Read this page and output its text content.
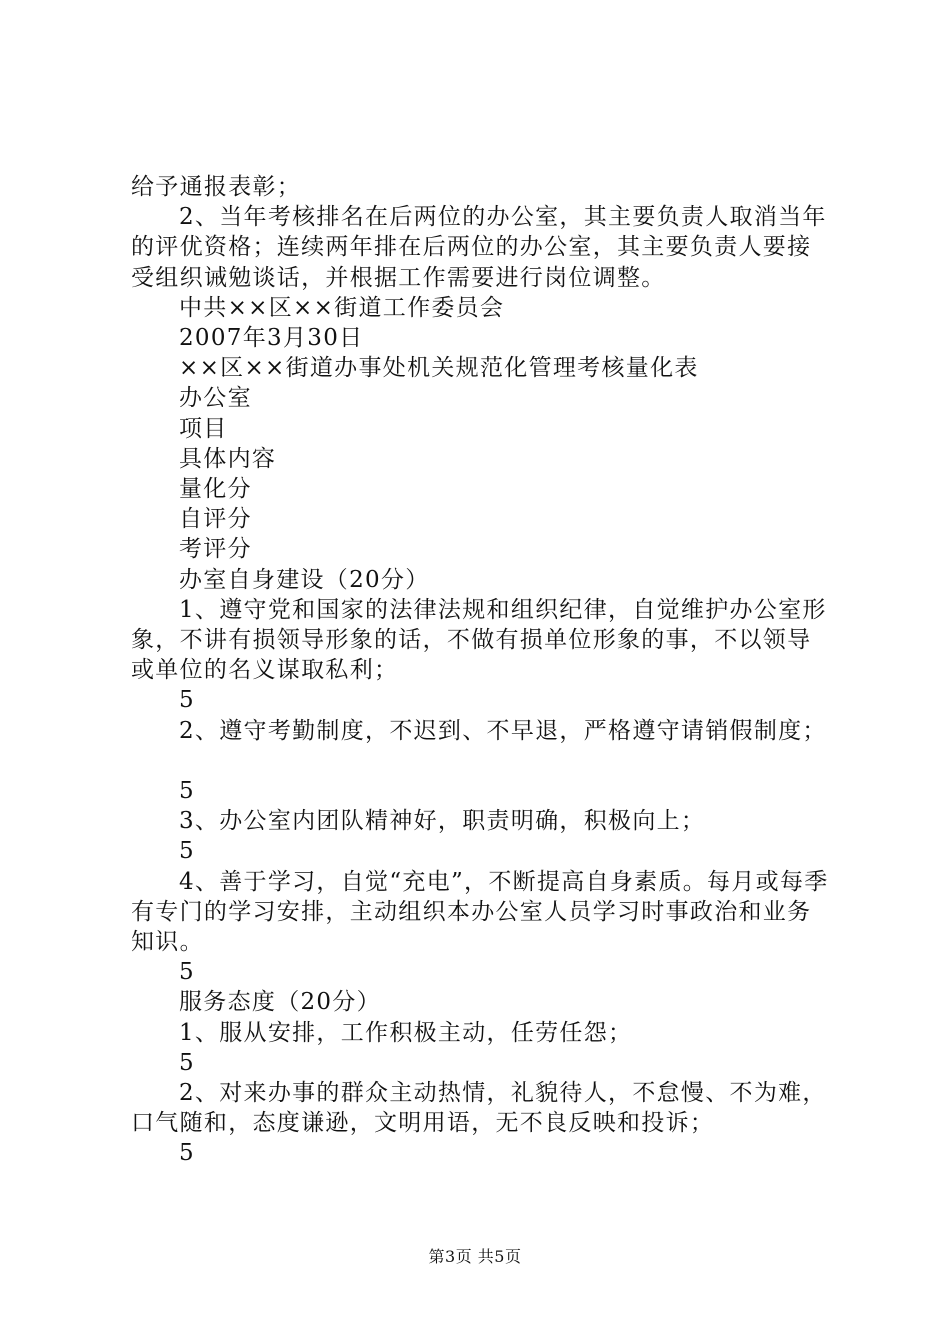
给予通报表彰；

2、当年考核排名在后两位的办公室，其主要负责人取消当年的评优资格；连续两年排在后两位的办公室，其主要负责人要接受组织诫勉谈话，并根据工作需要进行岗位调整。

中共××区××街道工作委员会

2007年3月30日

××区××街道办事处机关规范化管理考核量化表

办公室

项目

具体内容

量化分

自评分

考评分

办室自身建设（20分）

1、遵守党和国家的法律法规和组织纪律，自觉维护办公室形象，不讲有损领导形象的话，不做有损单位形象的事，不以领导或单位的名义谋取私利；

5

2、遵守考勤制度，不迟到、不早退，严格遵守请销假制度；

5

3、办公室内团队精神好，职责明确，积极向上；

5

4、善于学习，自觉“充电”，不断提高自身素质。每月或每季有专门的学习安排，主动组织本办公室人员学习时事政治和业务知识。

5

服务态度（20分）

1、服从安排，工作积极主动，任劳任怨；

5

2、对来办事的群众主动热情，礼貌待人，不怠慢、不为难，口气随和，态度谦逊，文明用语，无不良反映和投诉；

5

第3页 共5页
